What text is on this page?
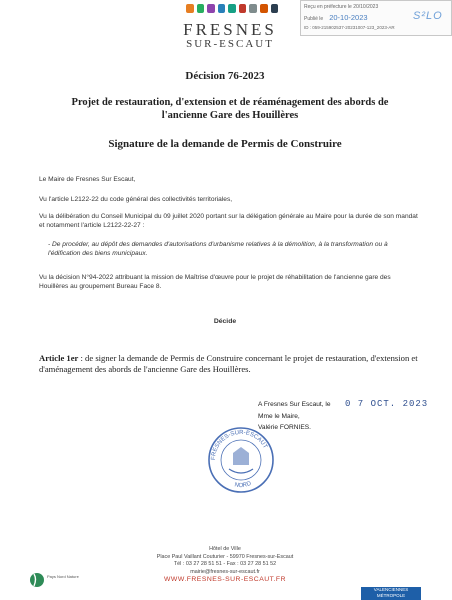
FRESNES
SUR-ESCAUT
Reçu en préfecture le 20/10/2023
Publié le 20-10-2023	S²LO
ID : 059-215902537-20231007-123_2023-AR
Décision 76-2023
Projet de restauration, d'extension et de réaménagement des abords de l'ancienne Gare des Houillères
Signature de la demande de Permis de Construire
Le Maire de Fresnes Sur Escaut,
Vu l'article L2122-22 du code général des collectivités territoriales,
Vu la délibération du Conseil Municipal du 09 juillet 2020 portant sur la délégation générale au Maire pour la durée de son mandat et notamment l'article L2122-22-27 :
- De procéder, au dépôt des demandes d'autorisations d'urbanisme relatives à la démolition, à la transformation ou à l'édification des biens municipaux.
Vu la décision N°94-2022 attribuant la mission de Maîtrise d'œuvre pour le projet de réhabilitation de l'ancienne gare des Houillères au groupement Bureau Face 8.
Décide
Article 1er : de signer la demande de Permis de Construire concernant le projet de restauration, d'extension et d'aménagement des abords de l'ancienne Gare des Houillères.
A Fresnes Sur Escaut, le 0 7 OCT. 2023
Mme le Maire,
Valérie FORNIES.
FRESNES-SUR-ESCAUT
NORD
Hôtel de Ville
Place Paul Vaillant Couturier - 59970 Fresnes-sur-Escaut
Tél : 03 27 28 51 51 - Fax : 03 27 28 51 52
mairie@fresnes-sur-escaut.fr
WWW.FRESNES-SUR-ESCAUT.FR
Pays Nord Nature
VALENCIENNES MÉTROPOLE
